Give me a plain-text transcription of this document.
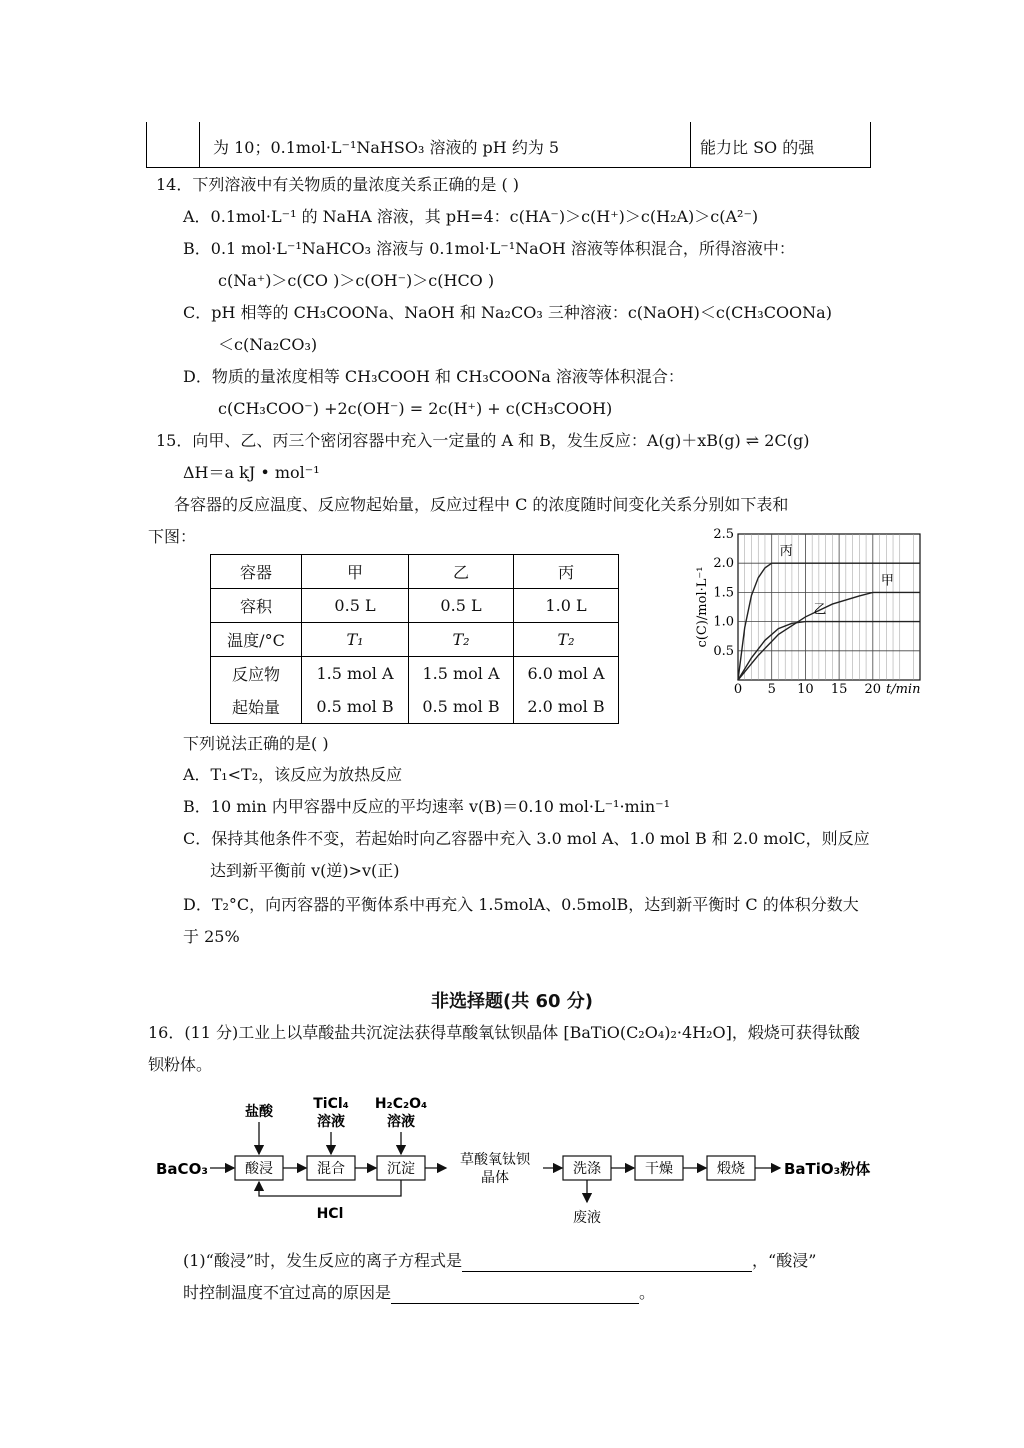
为 10；0.1mol·L⁻¹NaHSO₃ 溶液的 pH 约为 5	能力比 SO 的强
14．下列溶液中有关物质的量浓度关系正确的是 ( )
A．0.1mol·L⁻¹ 的 NaHA 溶液，其 pH=4：c(HA⁻)＞c(H⁺)＞c(H₂A)＞c(A²⁻)
B．0.1 mol·L⁻¹NaHCO₃ 溶液与 0.1mol·L⁻¹NaOH 溶液等体积混合，所得溶液中：
c(Na⁺)＞c(CO )＞c(OH⁻)＞c(HCO )
C．pH 相等的 CH₃COONa、NaOH 和 Na₂CO₃ 三种溶液：c(NaOH)＜c(CH₃COONa)
＜c(Na₂CO₃)
D．物质的量浓度相等 CH₃COOH 和 CH₃COONa 溶液等体积混合：
c(CH₃COO⁻) +2c(OH⁻) = 2c(H⁺) + c(CH₃COOH)
15．向甲、乙、丙三个密闭容器中充入一定量的 A 和 B，发生反应：A(g)＋xB(g) ⇌ 2C(g)
ΔH＝a kJ • mol⁻¹
各容器的反应温度、反应物起始量，反应过程中 C 的浓度随时间变化关系分别如下表和
下图：
容器	甲	乙	丙
容积	0.5 L	0.5 L	1.0 L
温度/°C	T₁	T₂	T₂
反应物	1.5 mol A	1.5 mol A	6.0 mol A
起始量	0.5 mol B	0.5 mol B	2.0 mol B
丙
甲
乙
0 5 10 15 20
0.5
1.0
1.5
2.0
2.5
t/min
c(C)/mol·L⁻¹
下列说法正确的是( )
A．T₁<T₂，该反应为放热反应
B．10 min 内甲容器中反应的平均速率 v(B)＝0.10 mol·L⁻¹·min⁻¹
C．保持其他条件不变，若起始时向乙容器中充入 3.0 mol A、1.0 mol B 和 2.0 molC，则反应
达到新平衡前 v(逆)>v(正)
D．T₂°C，向丙容器的平衡体系中再充入 1.5molA、0.5molB，达到新平衡时 C 的体积分数大
于 25%
非选择题(共 60 分)
16．(11 分)工业上以草酸盐共沉淀法获得草酸氧钛钡晶体 [BaTiO(C₂O₄)₂·4H₂O]，煅烧可获得钛酸
钡粉体。
BaCO₃	酸浸
盐酸
混合
TiCl₄
溶液
沉淀
H₂C₂O₄
溶液
HCl
草酸氧钛钡
晶体
洗涤
废液
干燥	煅烧	BaTiO₃粉体
(1)“酸浸”时，发生反应的离子方程式是	，“酸浸”
时控制温度不宜过高的原因是	。
